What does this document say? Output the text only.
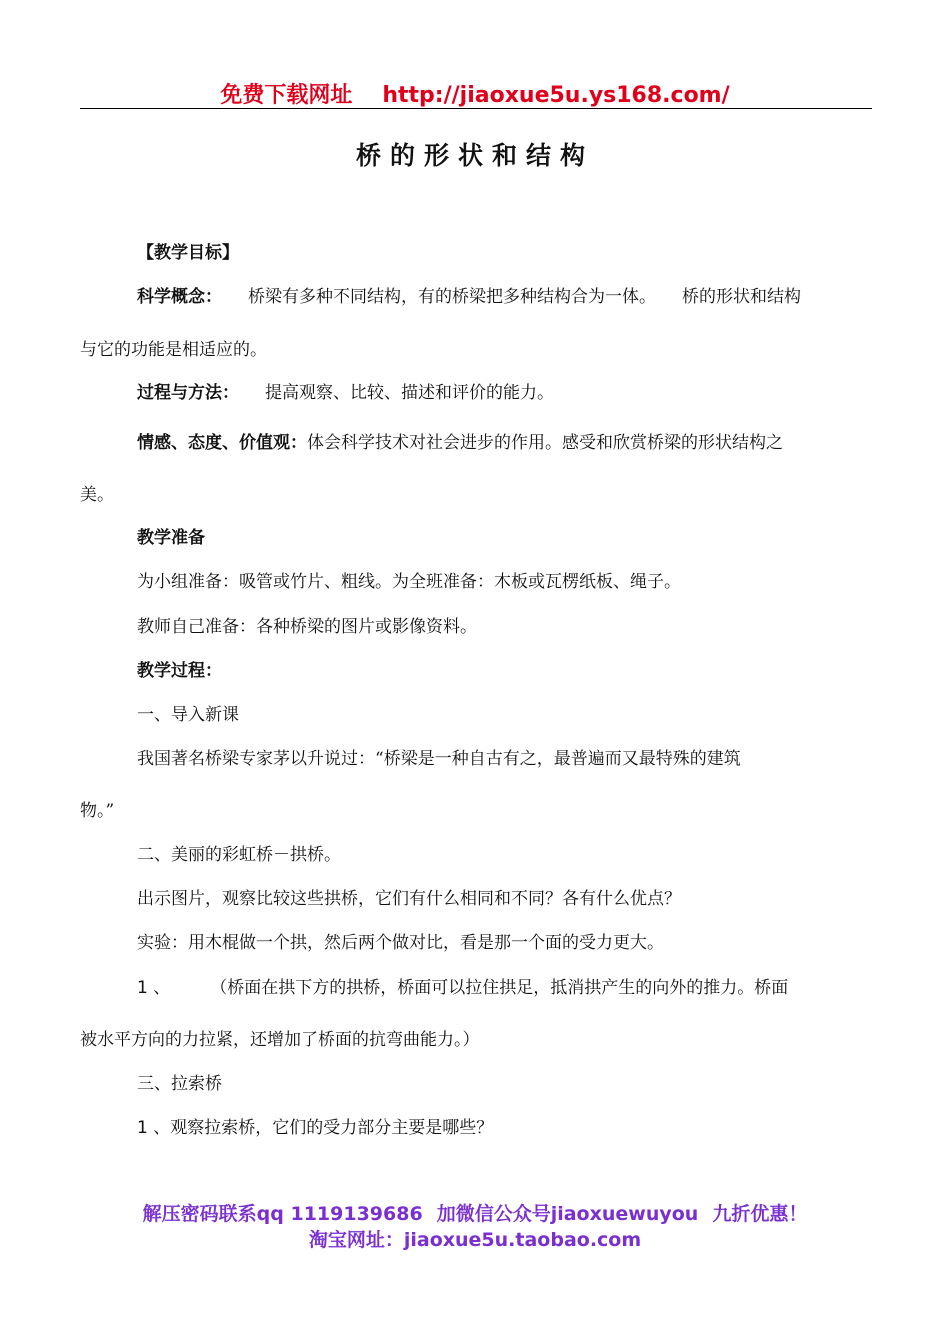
免费下载网址 http://jiaoxue5u.ys168.com/
桥的形状和结构
【教学目标】
科学概念： 桥梁有多种不同结构，有的桥梁把多种结构合为一体。 桥的形状和结构
与它的功能是相适应的。
过程与方法： 提高观察、比较、描述和评价的能力。
情感、态度、价值观：体会科学技术对社会进步的作用。感受和欣赏桥梁的形状结构之
美。
教学准备
为小组准备：吸管或竹片、粗线。为全班准备：木板或瓦楞纸板、绳子。
教师自己准备：各种桥梁的图片或影像资料。
教学过程：
一、导入新课
我国著名桥梁专家茅以升说过：“桥梁是一种自古有之，最普遍而又最特殊的建筑
物。”
二、美丽的彩虹桥－拱桥。
出示图片，观察比较这些拱桥，它们有什么相同和不同？各有什么优点？
实验：用木棍做一个拱，然后两个做对比，看是那一个面的受力更大。
1 、 （桥面在拱下方的拱桥，桥面可以拉住拱足，抵消拱产生的向外的推力。桥面
被水平方向的力拉紧，还增加了桥面的抗弯曲能力。）
三、拉索桥
1 、观察拉索桥，它们的受力部分主要是哪些？
解压密码联系qq 1119139686 加微信公众号jiaoxuewuyou 九折优惠！
淘宝网址：jiaoxue5u.taobao.com
